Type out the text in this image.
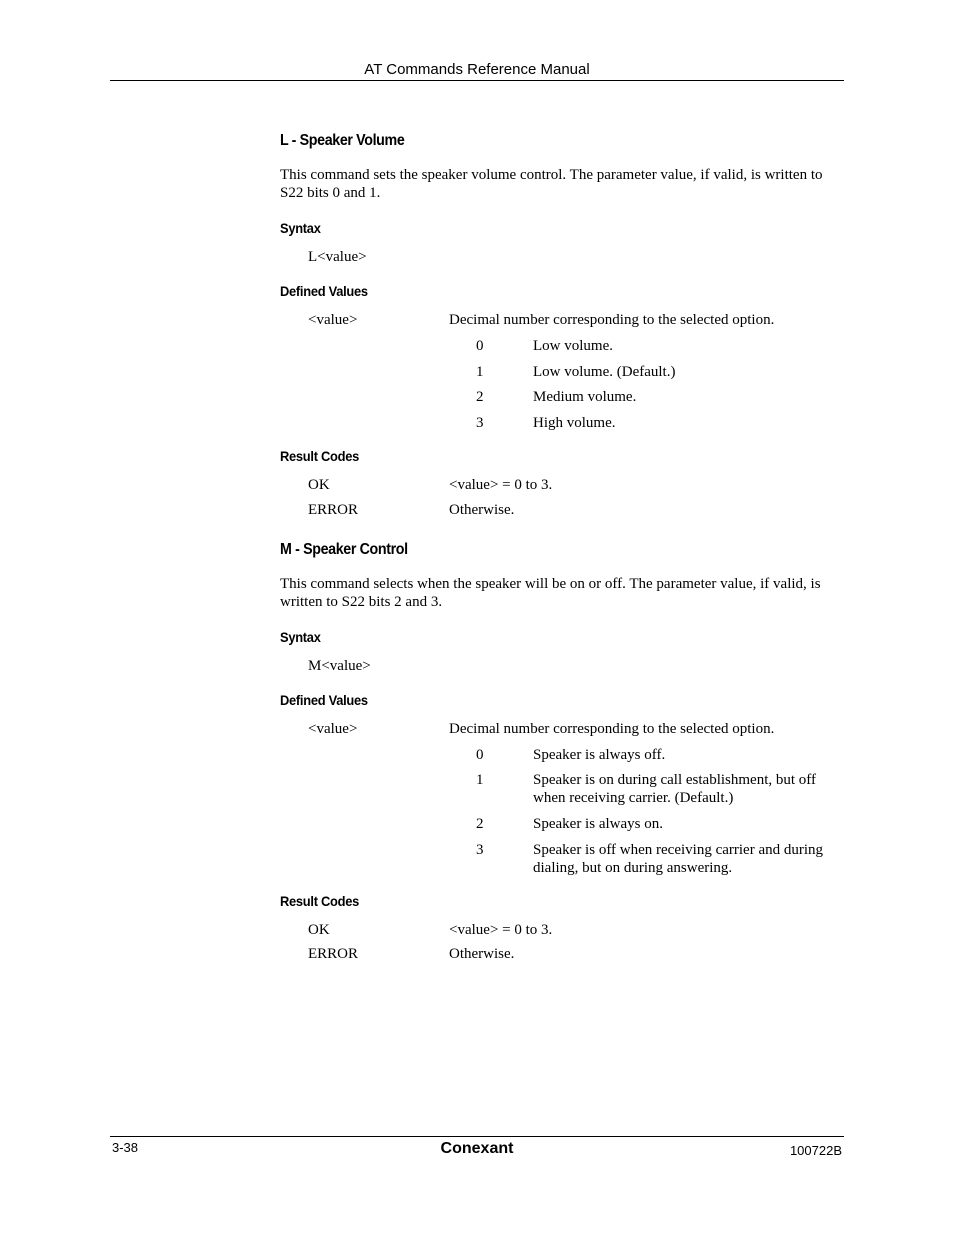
AT Commands Reference Manual
L - Speaker Volume
This command sets the speaker volume control. The parameter value, if valid, is written to S22 bits 0 and 1.
Syntax
L<value>
Defined Values
<value>	Decimal number corresponding to the selected option.
0	Low volume.
1	Low volume. (Default.)
2	Medium volume.
3	High volume.
Result Codes
OK	<value> = 0 to 3.
ERROR	Otherwise.
M - Speaker Control
This command selects when the speaker will be on or off. The parameter value, if valid, is written to S22 bits 2 and 3.
Syntax
M<value>
Defined Values
<value>	Decimal number corresponding to the selected option.
0	Speaker is always off.
1	Speaker is on during call establishment, but off when receiving carrier. (Default.)
2	Speaker is always on.
3	Speaker is off when receiving carrier and during dialing, but on during answering.
Result Codes
OK	<value> = 0 to 3.
ERROR	Otherwise.
3-38	Conexant	100722B
